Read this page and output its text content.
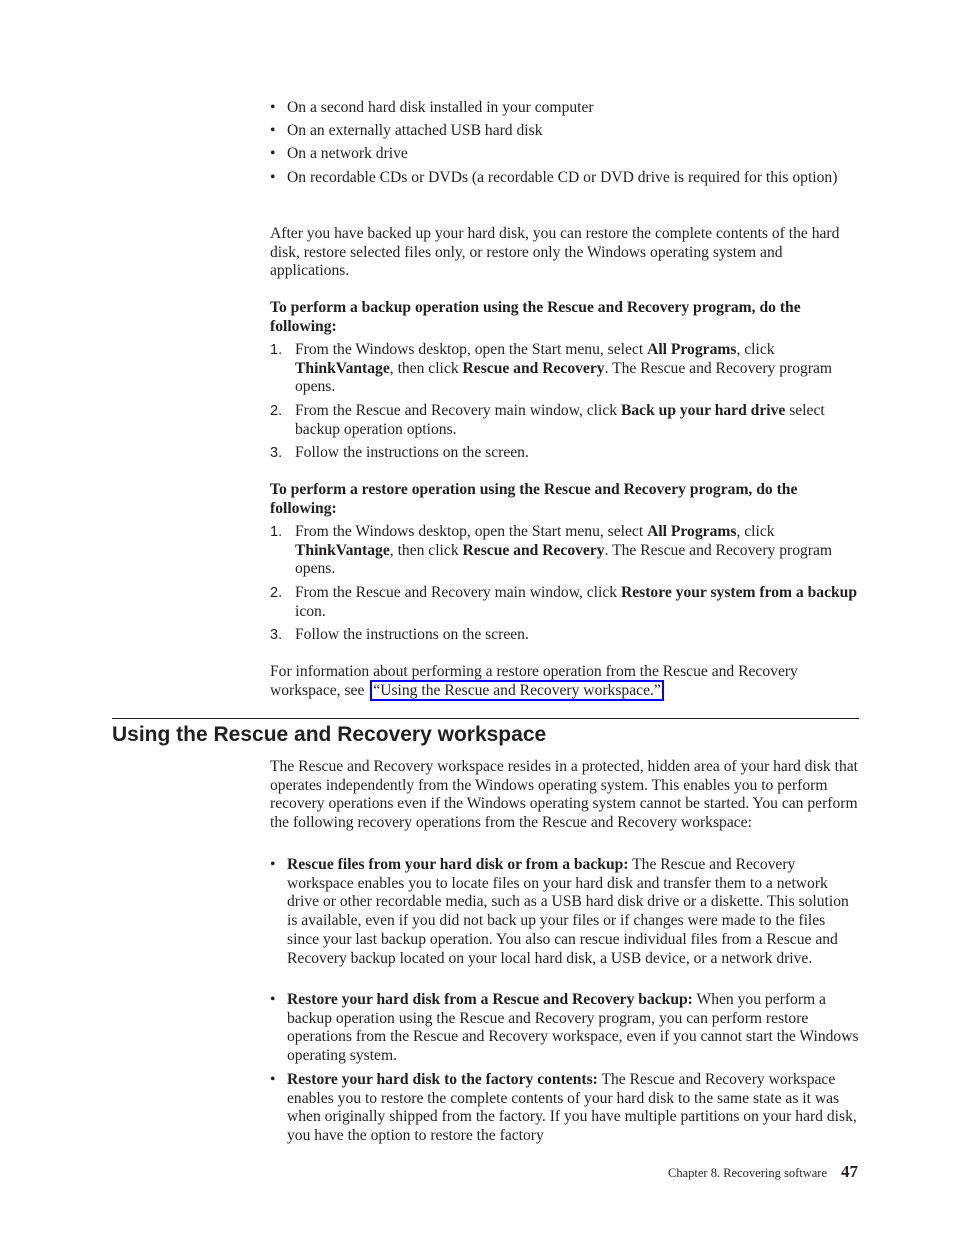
• On a second hard disk installed in your computer
• On an externally attached USB hard disk
• On a network drive
• On recordable CDs or DVDs (a recordable CD or DVD drive is required for this option)

After you have backed up your hard disk, you can restore the complete contents of the hard disk, restore selected files only, or restore only the Windows operating system and applications.

To perform a backup operation using the Rescue and Recovery program, do the following:

1. From the Windows desktop, open the Start menu, select All Programs, click ThinkVantage, then click Rescue and Recovery. The Rescue and Recovery program opens.
2. From the Rescue and Recovery main window, click Back up your hard drive select backup operation options.
3. Follow the instructions on the screen.

To perform a restore operation using the Rescue and Recovery program, do the following:

1. From the Windows desktop, open the Start menu, select All Programs, click ThinkVantage, then click Rescue and Recovery. The Rescue and Recovery program opens.
2. From the Rescue and Recovery main window, click Restore your system from a backup icon.
3. Follow the instructions on the screen.

For information about performing a restore operation from the Rescue and Recovery workspace, see “Using the Rescue and Recovery workspace.”

Using the Rescue and Recovery workspace

The Rescue and Recovery workspace resides in a protected, hidden area of your hard disk that operates independently from the Windows operating system. This enables you to perform recovery operations even if the Windows operating system cannot be started. You can perform the following recovery operations from the Rescue and Recovery workspace:

• Rescue files from your hard disk or from a backup: The Rescue and Recovery workspace enables you to locate files on your hard disk and transfer them to a network drive or other recordable media, such as a USB hard disk drive or a diskette. This solution is available, even if you did not back up your files or if changes were made to the files since your last backup operation. You also can rescue individual files from a Rescue and Recovery backup located on your local hard disk, a USB device, or a network drive.
• Restore your hard disk from a Rescue and Recovery backup: When you perform a backup operation using the Rescue and Recovery program, you can perform restore operations from the Rescue and Recovery workspace, even if you cannot start the Windows operating system.
• Restore your hard disk to the factory contents: The Rescue and Recovery workspace enables you to restore the complete contents of your hard disk to the same state as it was when originally shipped from the factory. If you have multiple partitions on your hard disk, you have the option to restore the factory
Chapter 8. Recovering software 47
